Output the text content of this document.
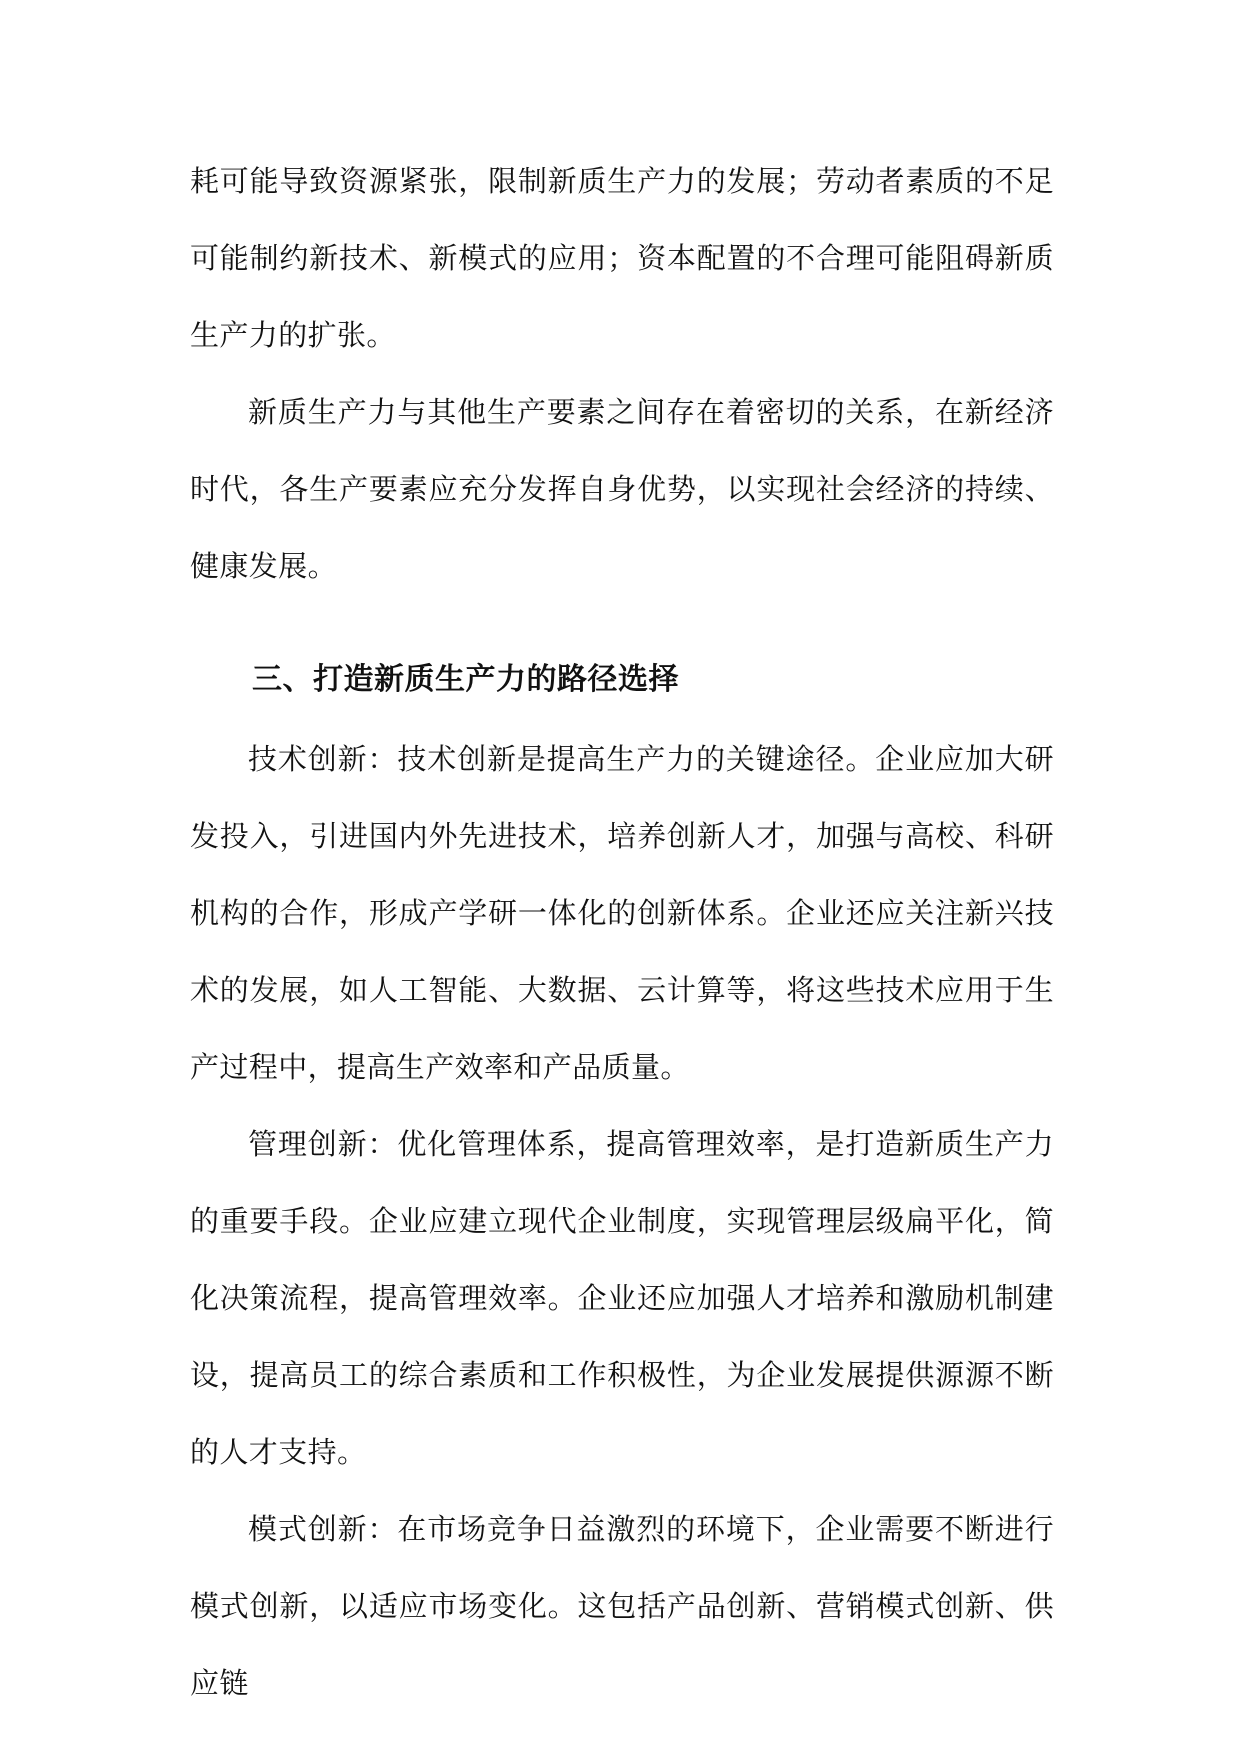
耗可能导致资源紧张，限制新质生产力的发展；劳动者素质的不足可能制约新技术、新模式的应用；资本配置的不合理可能阻碍新质生产力的扩张。

新质生产力与其他生产要素之间存在着密切的关系，在新经济时代，各生产要素应充分发挥自身优势，以实现社会经济的持续、健康发展。

三、打造新质生产力的路径选择

技术创新：技术创新是提高生产力的关键途径。企业应加大研发投入，引进国内外先进技术，培养创新人才，加强与高校、科研机构的合作，形成产学研一体化的创新体系。企业还应关注新兴技术的发展，如人工智能、大数据、云计算等，将这些技术应用于生产过程中，提高生产效率和产品质量。

管理创新：优化管理体系，提高管理效率，是打造新质生产力的重要手段。企业应建立现代企业制度，实现管理层级扁平化，简化决策流程，提高管理效率。企业还应加强人才培养和激励机制建设，提高员工的综合素质和工作积极性，为企业发展提供源源不断的人才支持。

模式创新：在市场竞争日益激烈的环境下，企业需要不断进行模式创新，以适应市场变化。这包括产品创新、营销模式创新、供应链
